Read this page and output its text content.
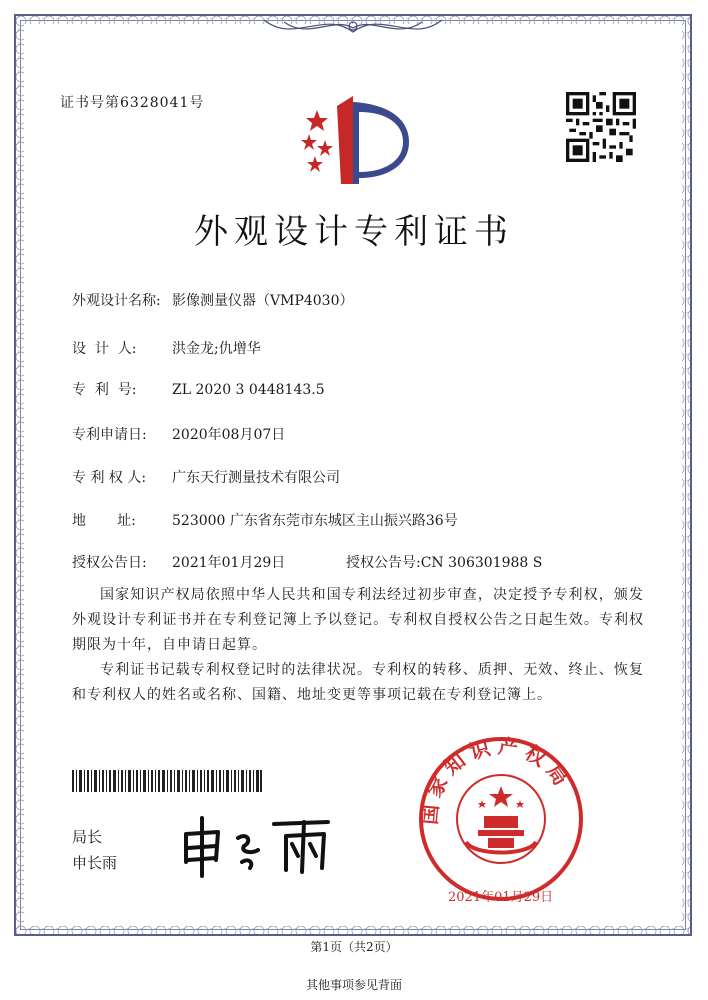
证书号第6328041号
外观设计专利证书
外观设计名称: 影像测量仪器（VMP4030）
设  计  人:	洪金龙;仇增华
专  利  号:	ZL 2020 3 0448143.5
专利申请日: 2020年08月07日
专 利 权 人: 广东天行测量技术有限公司
地       址:	523000 广东省东莞市东城区主山振兴路36号
授权公告日: 2021年01月29日	授权公告号:CN 306301988 S
国家知识产权局依照中华人民共和国专利法经过初步审查，决定授予专利权，颁发外观设计专利证书并在专利登记簿上予以登记。专利权自授权公告之日起生效。专利权期限为十年，自申请日起算。
专利证书记载专利权登记时的法律状况。专利权的转移、质押、无效、终止、恢复和专利权人的姓名或名称、国籍、地址变更等事项记载在专利登记簿上。
局长
申长雨
国家知识产权局
2021年01月29日
第1页（共2页）
其他事项参见背面
